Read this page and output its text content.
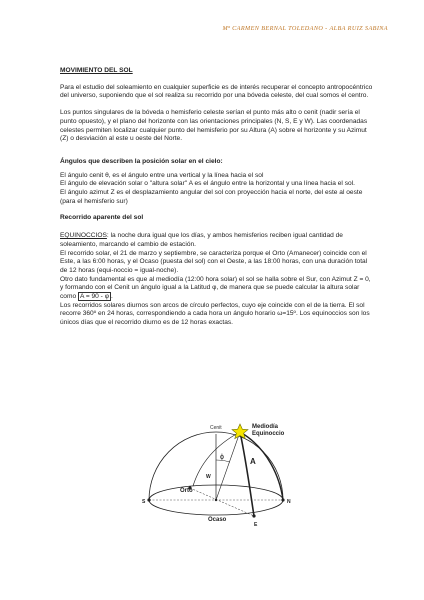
Mª CARMEN BERNAL TOLEDANO - ALBA RUIZ SABINA

MOVIMIENTO DEL SOL

Para el estudio del soleamiento en cualquier superficie es de interés recuperar el concepto antropocéntrico del universo, suponiendo que el sol realiza su recorrido por una bóveda celeste, del cual somos el centro.

Los puntos singulares de la bóveda o hemisferio celeste serían el punto más alto o cenit (nadir sería el punto opuesto), y el plano del horizonte con las orientaciones principales (N, S, E y W). Las coordenadas celestes permiten localizar cualquier punto del hemisferio por su Altura (A) sobre el horizonte y su Azimut (Z) o desviación al este u oeste del Norte.

Ángulos que describen la posición solar en el cielo:

El ángulo cenit θ, es el ángulo entre una vertical y la línea hacia el sol

El ángulo de elevación solar o "altura solar" A es el ángulo entre la horizontal y una línea hacia el sol.

El ángulo azimut Z es el desplazamiento angular del sol con proyección hacia el norte, del este al oeste (para el hemisferio sur)

Recorrido aparente del sol

EQUINOCCIOS: la noche dura igual que los días, y ambos hemisferios reciben igual cantidad de soleamiento, marcando el cambio de estación.

El recorrido solar, el 21 de marzo y septiembre, se caracteriza porque el Orto (Amanecer) coincide con el Este, a las 6:00 horas, y el Ocaso (puesta del sol) con el Oeste, a las 18:00 horas, con una duración total de 12 horas (equi-noccio = igual-noche).

Otro dato fundamental es que al mediodía (12:00 hora solar) el sol se halla sobre el Sur, con Azimut Z = 0, y formando con el Cenit un ángulo igual a la Latitud φ, de manera que se puede calcular la altura solar como A = 90 - φ .

Los recorridos solares diurnos son arcos de círculo perfectos, cuyo eje coincide con el de la tierra. El sol recorre 360º en 24 horas, correspondiendo a cada hora un ángulo horario ω=15º. Los equinoccios son los únicos días que el recorrido diurno es de 12 horas exactas.

Cenit	Mediodía
Equinoccio
ϕ	A
W
Orto
S	N
Ocaso
E
